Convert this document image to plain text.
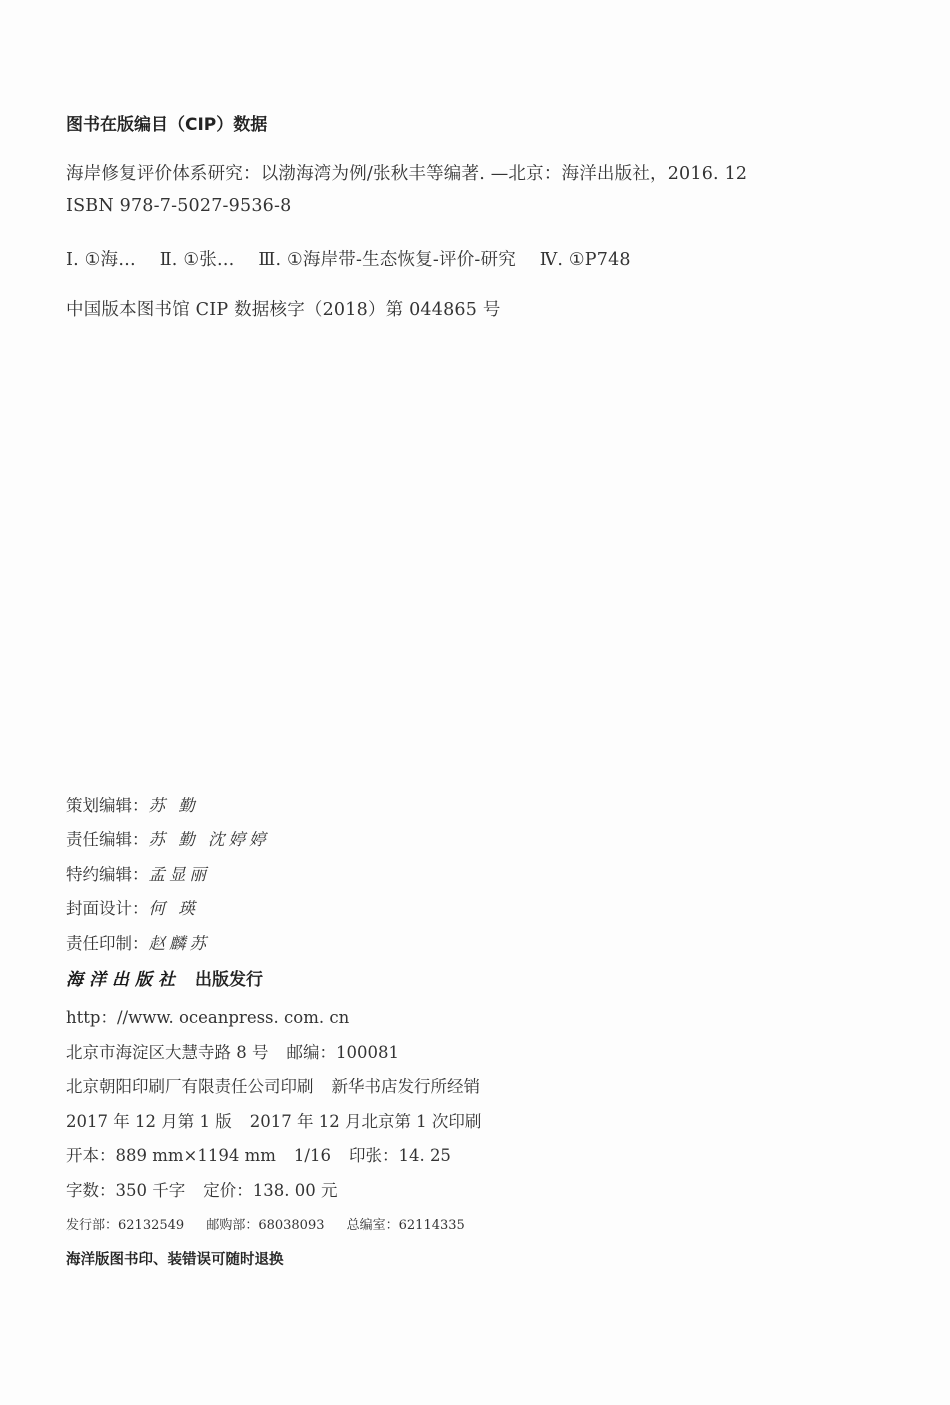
图书在版编目（CIP）数据
海岸修复评价体系研究：以渤海湾为例/张秋丰等编著. —北京：海洋出版社，2016. 12
ISBN 978-7-5027-9536-8
Ⅰ. ①海… Ⅱ. ①张… Ⅲ. ①海岸带-生态恢复-评价-研究 Ⅳ. ①P748
中国版本图书馆 CIP 数据核字（2018）第 044865 号
策划编辑：苏 勤
责任编辑：苏 勤 沈婷婷
特约编辑：孟显丽
封面设计：何 瑛
责任印制：赵麟苏
海洋出版社 出版发行
http：//www. oceanpress. com. cn
北京市海淀区大慧寺路 8 号 邮编：100081
北京朝阳印刷厂有限责任公司印刷 新华书店发行所经销
2017 年 12 月第 1 版 2017 年 12 月北京第 1 次印刷
开本：889 mm×1194 mm 1/16 印张：14. 25
字数：350 千字 定价：138. 00 元
发行部：62132549 邮购部：68038093 总编室：62114335
海洋版图书印、装错误可随时退换
